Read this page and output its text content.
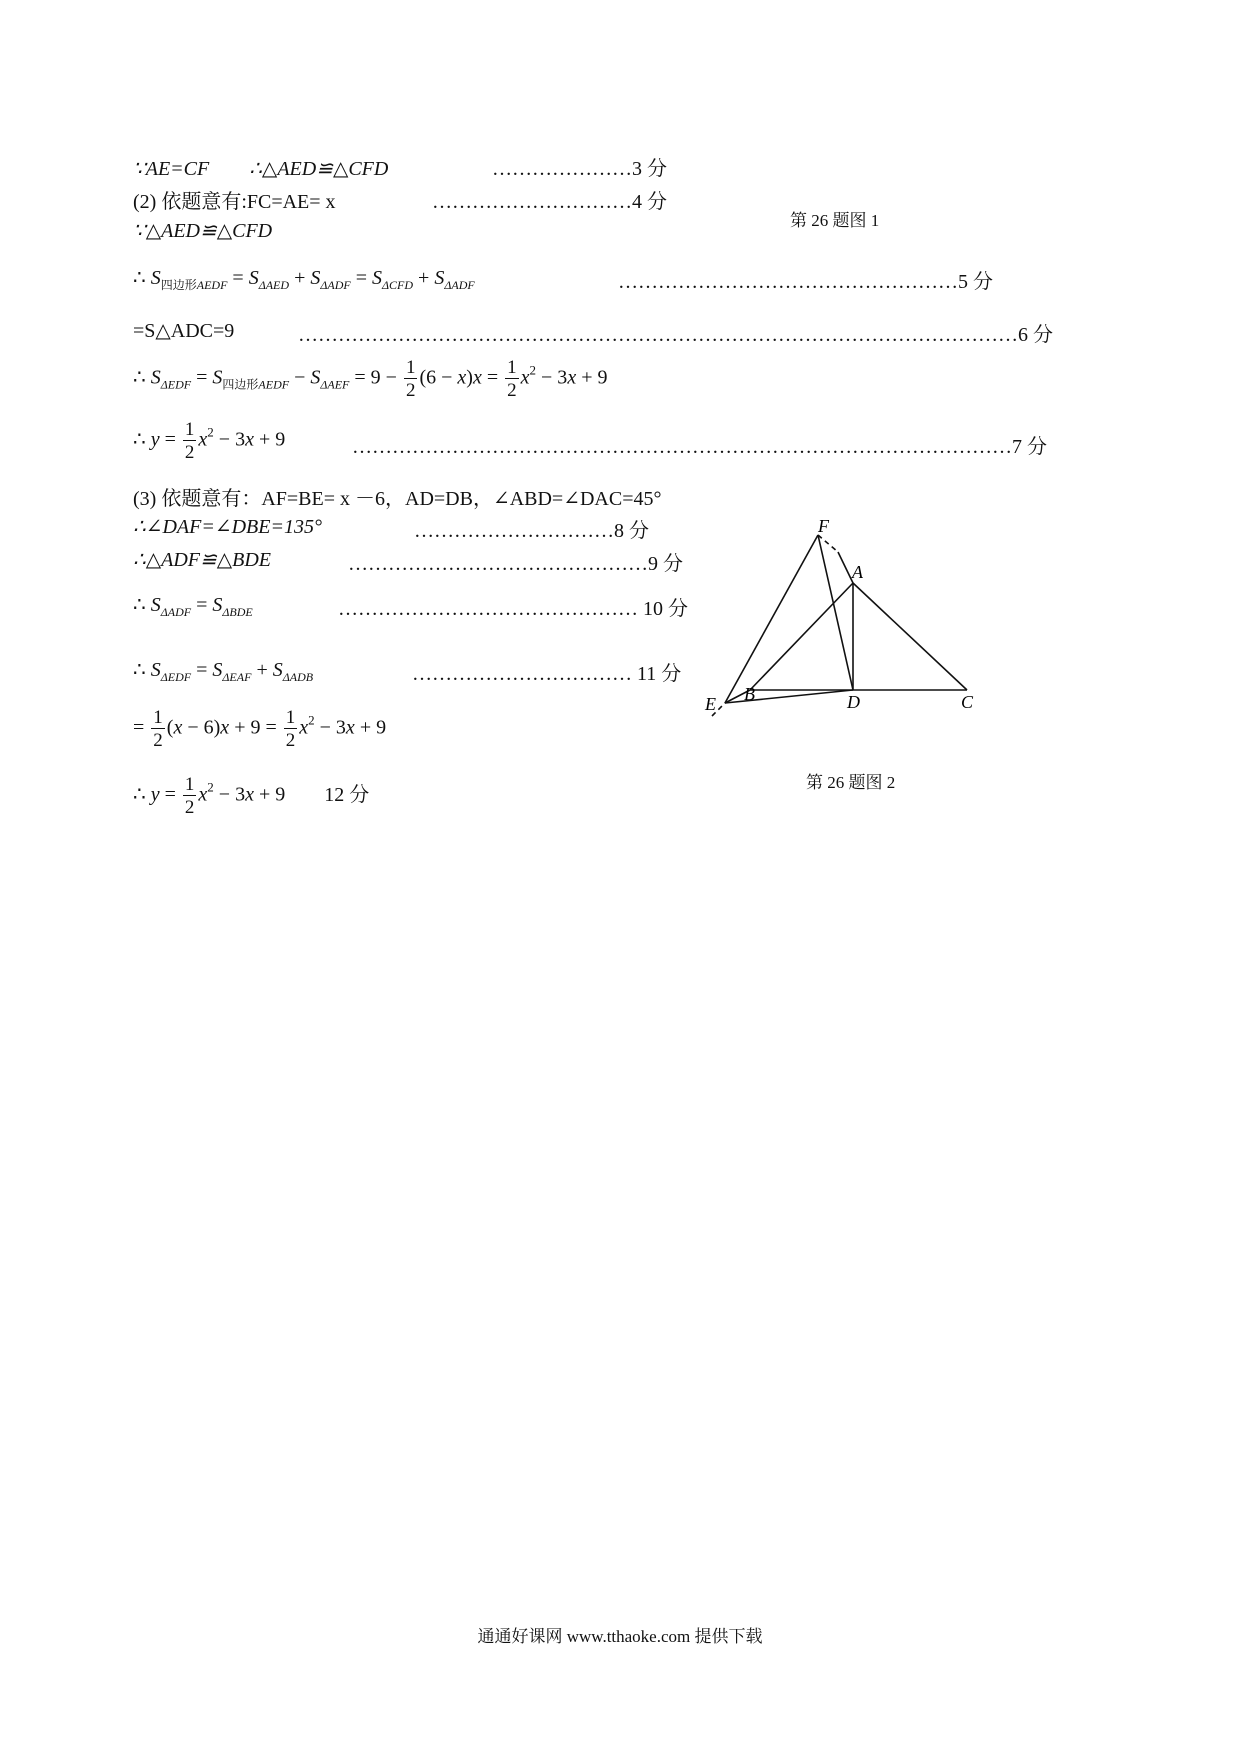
∵AE=CF　　∴△AED≌△CFD	…………………3 分
(2) 依题意有:FC=AE= x	…………………………4 分
第 26 题图 1
∵△AED≌△CFD
∴ $S_{四边形AEDF} = S_{\Delta AED} + S_{\Delta ADF} = S_{\Delta CFD} + S_{\Delta ADF}$	……………………………………………5 分
=S△ADC=9	………………………………………………………………………………………………6 分
∴ $S_{\Delta EDF} = S_{四边形AEDF} - S_{\Delta AEF} = 9 - \frac{1}{2} (6 - x)x = \frac{1}{2} x^2 - 3x + 9$
∴ $y = \frac{1}{2} x^2 - 3x + 9$	………………………………………………………………………………………7 分
(3) 依题意有：AF=BE= x －6，AD=DB，∠ABD=∠DAC=45°
∴∠DAF=∠DBE=135°	…………………………8 分
∴△ADF≌△BDE	………………………………………9 分
∴ $S_{\Delta ADF} = S_{\Delta BDE}$	……………………………………… 10 分
∴ $S_{\Delta EDF} = S_{\Delta EAF} + S_{\Delta ADB}$	…………………………… 11 分
= $\frac{1}{2} (x - 6)x + 9 = \frac{1}{2} x^2 - 3x + 9$
∴ $y = \frac{1}{2} x^2 - 3x + 9$ 12 分
F
A
B	D	C
E
第 26 题图 2
通通好课网 www.tthaoke.com 提供下载
